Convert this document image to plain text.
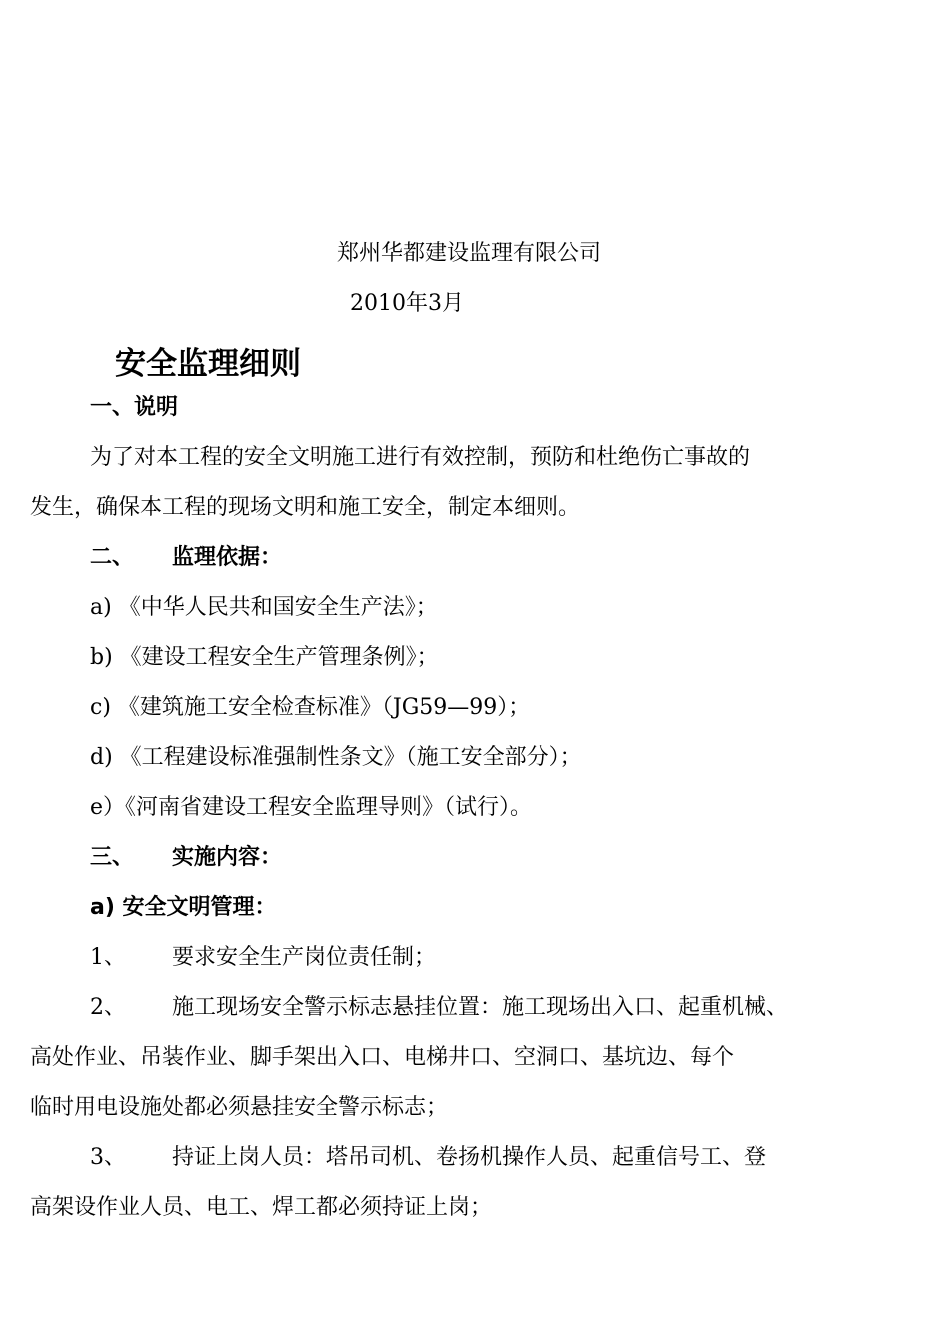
郑州华都建设监理有限公司
2010年3月
安全监理细则
一、说明
为了对本工程的安全文明施工进行有效控制，预防和杜绝伤亡事故的
发生，确保本工程的现场文明和施工安全，制定本细则。
二、 监理依据：
a) 《中华人民共和国安全生产法》；
b) 《建设工程安全生产管理条例》；
c) 《建筑施工安全检查标准》（JG59—99）；
d) 《工程建设标准强制性条文》（施工安全部分）；
e）《河南省建设工程安全监理导则》（试行）。
三、 实施内容：
a) 安全文明管理：
1、 要求安全生产岗位责任制；
2、 施工现场安全警示标志悬挂位置：施工现场出入口、起重机械、
高处作业、吊装作业、脚手架出入口、电梯井口、空洞口、基坑边、每个
临时用电设施处都必须悬挂安全警示标志；
3、 持证上岗人员：塔吊司机、卷扬机操作人员、起重信号工、登
高架设作业人员、电工、焊工都必须持证上岗；
